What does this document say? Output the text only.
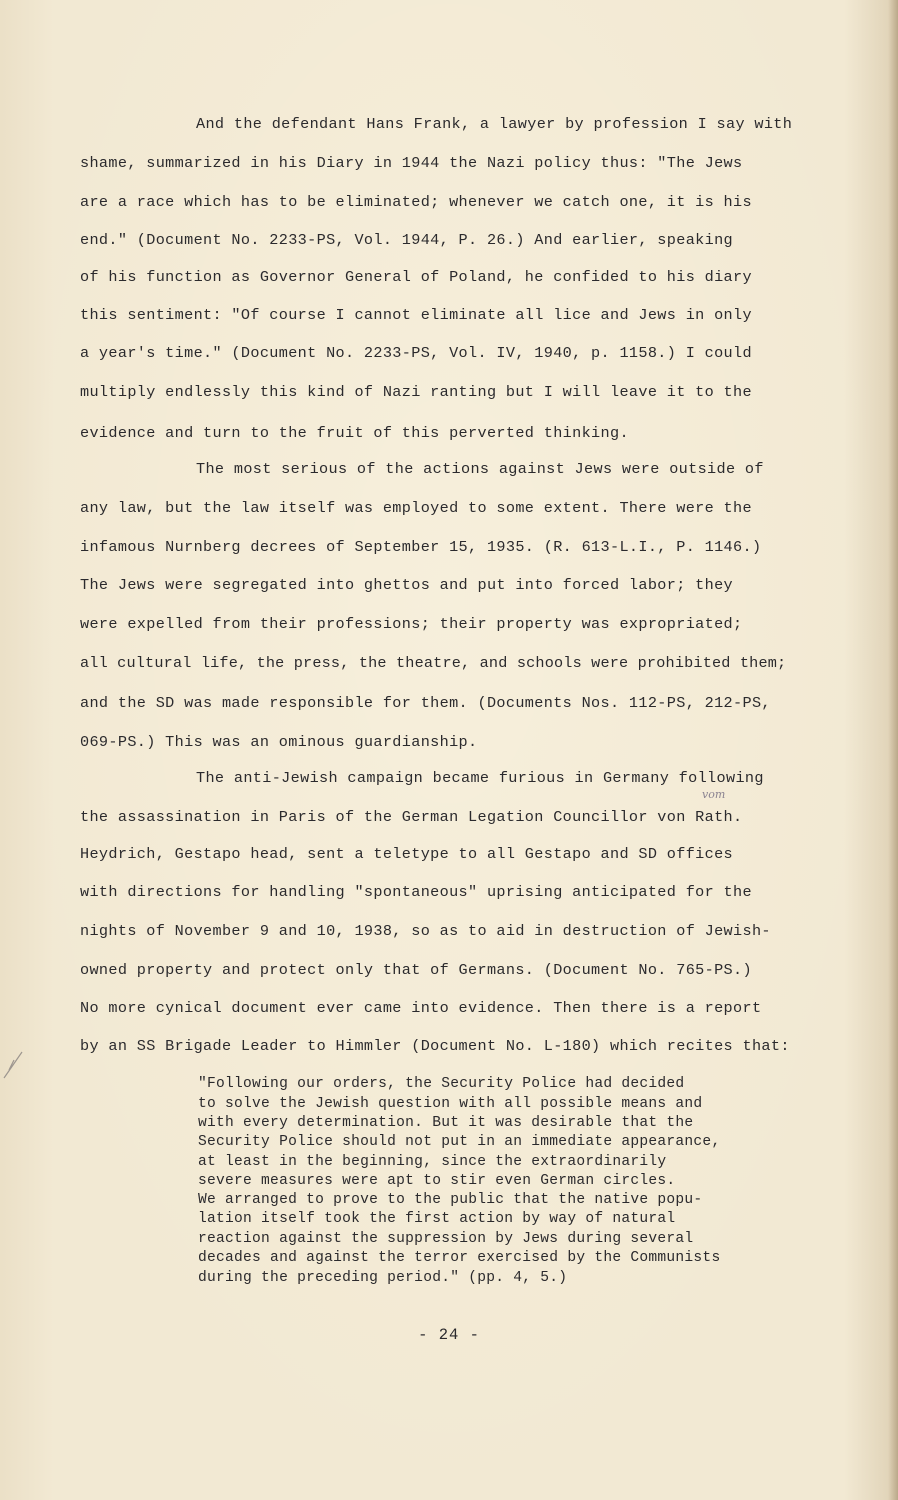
And the defendant Hans Frank, a lawyer by profession I say with
shame, summarized in his Diary in 1944 the Nazi policy thus: "The Jews
are a race which has to be eliminated; whenever we catch one, it is his
end." (Document No. 2233-PS, Vol. 1944, P. 26.) And earlier, speaking
of his function as Governor General of Poland, he confided to his diary
this sentiment: "Of course I cannot eliminate all lice and Jews in only
a year's time." (Document No. 2233-PS, Vol. IV, 1940, p. 1158.) I could
multiply endlessly this kind of Nazi ranting but I will leave it to the
evidence and turn to the fruit of this perverted thinking.
The most serious of the actions against Jews were outside of
any law, but the law itself was employed to some extent. There were the
infamous Nurnberg decrees of September 15, 1935. (R. 613-L.I., P. 1146.)
The Jews were segregated into ghettos and put into forced labor; they
were expelled from their professions; their property was expropriated;
all cultural life, the press, the theatre, and schools were prohibited them;
and the SD was made responsible for them. (Documents Nos. 112-PS, 212-PS,
069-PS.) This was an ominous guardianship.
The anti-Jewish campaign became furious in Germany following
the assassination in Paris of the German Legation Councillor von Rath.
Heydrich, Gestapo head, sent a teletype to all Gestapo and SD offices
with directions for handling "spontaneous" uprising anticipated for the
nights of November 9 and 10, 1938, so as to aid in destruction of Jewish-
owned property and protect only that of Germans. (Document No. 765-PS.)
No more cynical document ever came into evidence. Then there is a report
by an SS Brigade Leader to Himmler (Document No. L-180) which recites that:
"Following our orders, the Security Police had decided
to solve the Jewish question with all possible means and
with every determination. But it was desirable that the
Security Police should not put in an immediate appearance,
at least in the beginning, since the extraordinarily
severe measures were apt to stir even German circles.
We arranged to prove to the public that the native popu-
lation itself took the first action by way of natural
reaction against the suppression by Jews during several
decades and against the terror exercised by the Communists
during the preceding period." (pp. 4, 5.)
- 24 -
vom
